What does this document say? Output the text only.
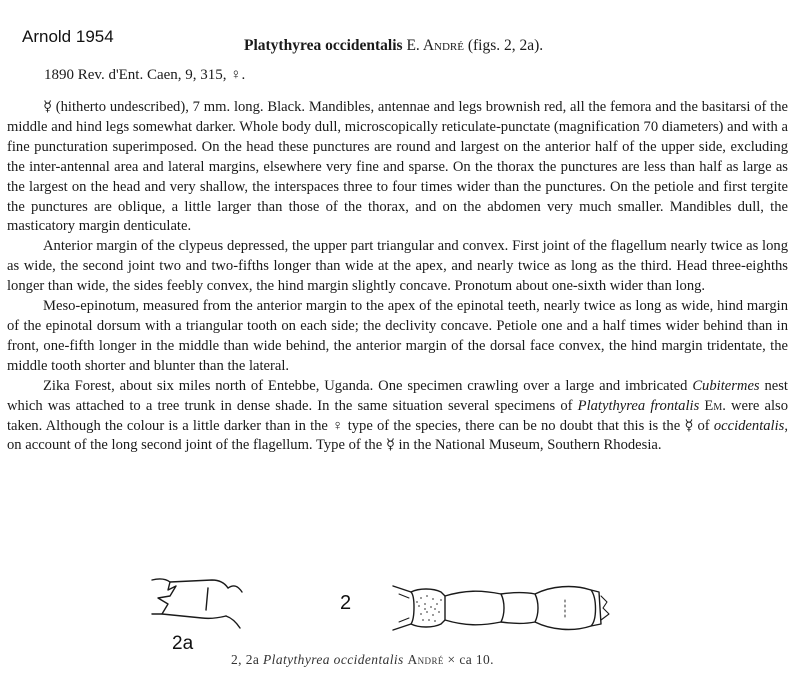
Arnold 1954	Platythyrea occidentalis E. André (figs. 2, 2a).
1890 Rev. d'Ent. Caen, 9, 315, ♀.

☿ (hitherto undescribed), 7 mm. long. Black. Mandibles, antennae and legs brownish red, all the femora and the basitarsi of the middle and hind legs somewhat darker. Whole body dull, microscopically reticulate-punctate (magnification 70 diameters) and with a fine puncturation superimposed. On the head these punctures are round and largest on the anterior half of the upper side, excluding the inter-antennal area and lateral margins, elsewhere very fine and sparse. On the thorax the punctures are less than half as large as the largest on the head and very shallow, the interspaces three to four times wider than the punctures. On the petiole and first tergite the punctures are oblique, a little larger than those of the thorax, and on the abdomen very much smaller. Mandibles dull, the masticatory margin denticulate.

Anterior margin of the clypeus depressed, the upper part triangular and convex. First joint of the flagellum nearly twice as long as wide, the second joint two and two-fifths longer than wide at the apex, and nearly twice as long as the third. Head three-eighths longer than wide, the sides feebly convex, the hind margin slightly concave. Pronotum about one-sixth wider than long.

Meso-epinotum, measured from the anterior margin to the apex of the epinotal teeth, nearly twice as long as wide, hind margin of the epinotal dorsum with a triangular tooth on each side; the declivity concave. Petiole one and a half times wider behind than in front, one-fifth longer in the middle than wide behind, the anterior margin of the dorsal face convex, the hind margin tridentate, the middle tooth shorter and blunter than the lateral.

Zika Forest, about six miles north of Entebbe, Uganda. One specimen crawling over a large and imbricated Cubitermes nest which was attached to a tree trunk in dense shade. In the same situation several specimens of Platythyrea frontalis Em. were also taken. Although the colour is a little darker than in the ♀ type of the species, there can be no doubt that this is the ☿ of occidentalis, on account of the long second joint of the flagellum. Type of the ☿ in the National Museum, Southern Rhodesia.

2a
2
2, 2a Platythyrea occidentalis André × ca 10.
